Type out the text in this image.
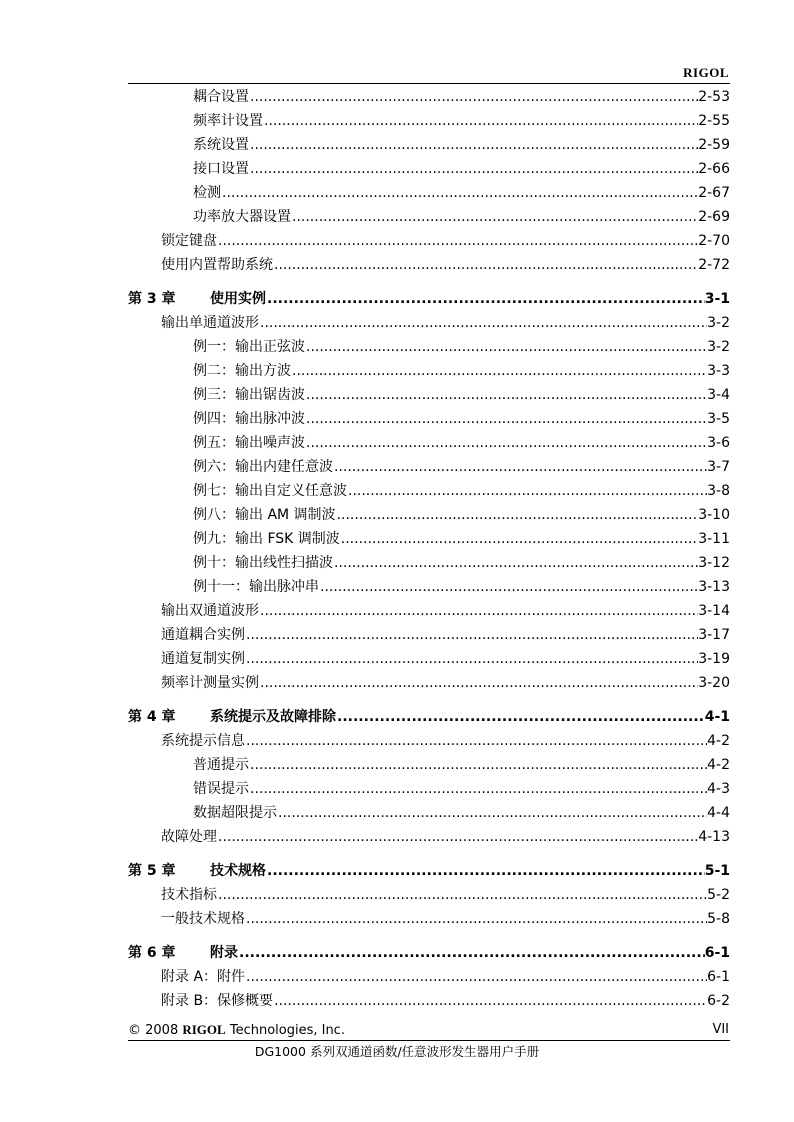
RIGOL
耦合设置 .....	2-53
频率计设置 .....	2-55
系统设置 .....	2-59
接口设置 .....	2-66
检测 .....	2-67
功率放大器设置 .....	2-69
锁定键盘 .....	2-70
使用内置帮助系统 .....	2-72
第 3 章 使用实例 .....	3-1
输出单通道波形 .....	3-2
例一：输出正弦波 .....	3-2
例二：输出方波 .....	3-3
例三：输出锯齿波 .....	3-4
例四：输出脉冲波 .....	3-5
例五：输出噪声波 .....	3-6
例六：输出内建任意波 .....	3-7
例七：输出自定义任意波 .....	3-8
例八：输出 AM 调制波 .....	3-10
例九：输出 FSK 调制波 .....	3-11
例十：输出线性扫描波 .....	3-12
例十一：输出脉冲串 .....	3-13
输出双通道波形 .....	3-14
通道耦合实例 .....	3-17
通道复制实例 .....	3-19
频率计测量实例 .....	3-20
第 4 章 系统提示及故障排除 .....	4-1
系统提示信息 .....	4-2
普通提示 .....	4-2
错误提示 .....	4-3
数据超限提示 .....	4-4
故障处理 .....	4-13
第 5 章 技术规格 .....	5-1
技术指标 .....	5-2
一般技术规格 .....	5-8
第 6 章 附录 .....	6-1
附录 A：附件 .....	6-1
附录 B：保修概要 .....	6-2
© 2008 RIGOL Technologies, Inc.	VII
DG1000 系列双通道函数/任意波形发生器用户手册
